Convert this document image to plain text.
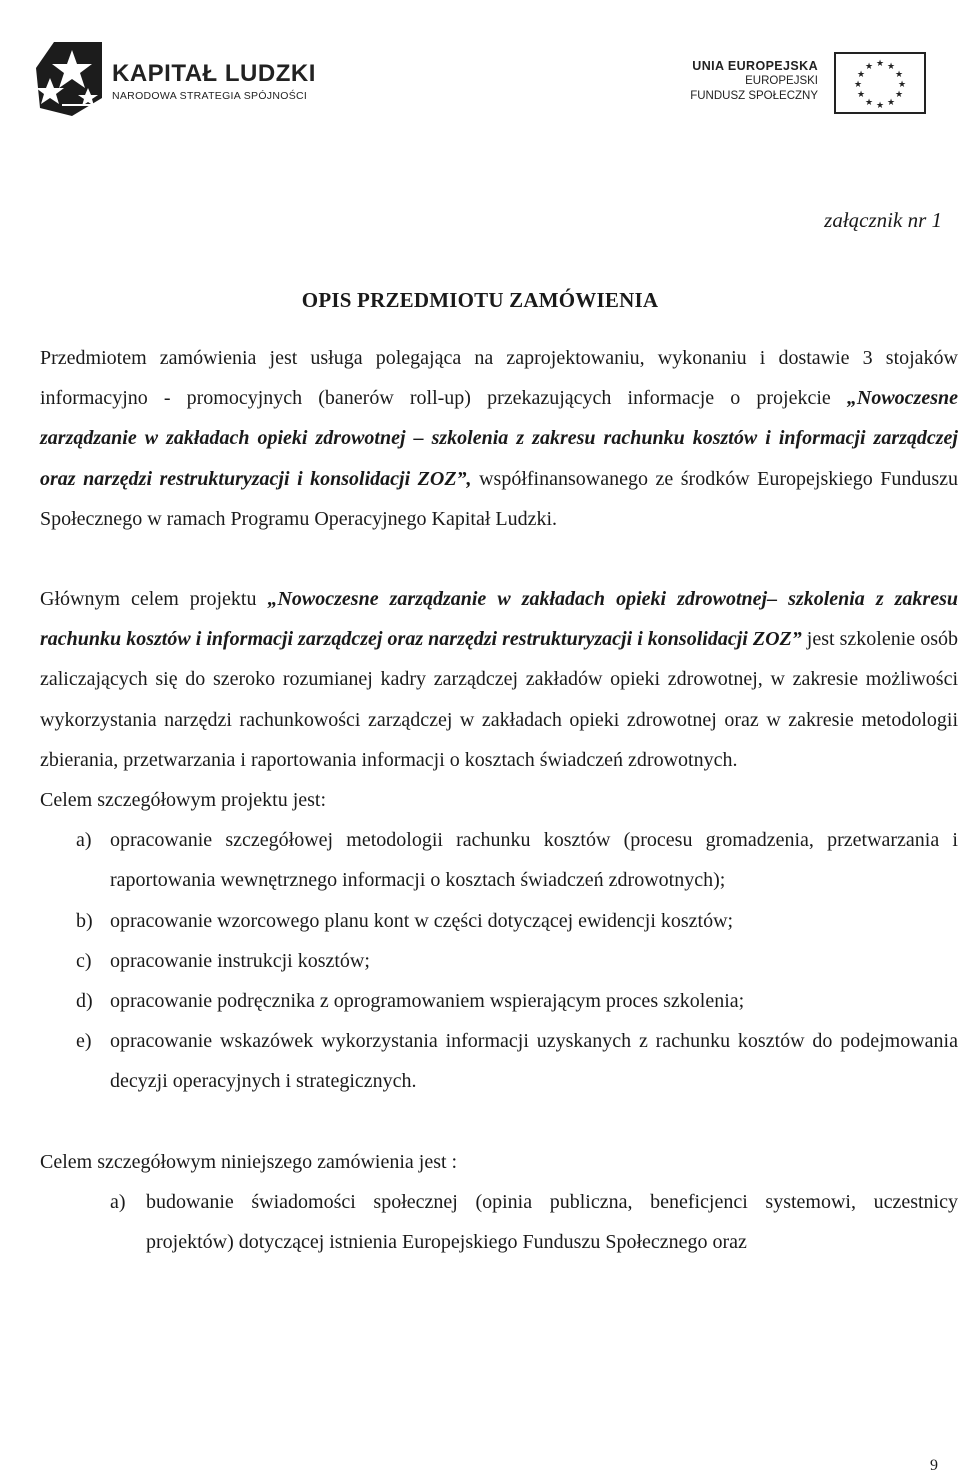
KAPITAŁ LUDZKI
NARODOWA STRATEGIA SPÓJNOŚCI
UNIA EUROPEJSKA
EUROPEJSKI
FUNDUSZ SPOŁECZNY
★ ★
★
★
★
★
★
★
★
★
★
★
załącznik nr 1
OPIS PRZEDMIOTU ZAMÓWIENIA

Przedmiotem zamówienia jest usługa polegająca na zaprojektowaniu, wykonaniu i dostawie 3 stojaków informacyjno - promocyjnych (banerów roll-up) przekazujących informacje o projekcie „Nowoczesne zarządzanie w zakładach opieki zdrowotnej – szkolenia z zakresu rachunku kosztów i informacji zarządczej oraz narzędzi restrukturyzacji i konsolidacji ZOZ”, współfinansowanego ze środków Europejskiego Funduszu Społecznego w ramach Programu Operacyjnego Kapitał Ludzki.

Głównym celem projektu „Nowoczesne zarządzanie w zakładach opieki zdrowotnej– szkolenia z zakresu rachunku kosztów i informacji zarządczej oraz narzędzi restrukturyzacji i konsolidacji ZOZ” jest szkolenie osób zaliczających się do szeroko rozumianej kadry zarządczej zakładów opieki zdrowotnej, w zakresie możliwości wykorzystania narzędzi rachunkowości zarządczej w zakładach opieki zdrowotnej oraz w zakresie metodologii zbierania, przetwarzania i raportowania informacji o kosztach świadczeń zdrowotnych.

Celem szczegółowym projektu jest:

a) opracowanie szczegółowej metodologii rachunku kosztów (procesu gromadzenia, przetwarzania i raportowania wewnętrznego informacji o kosztach świadczeń zdrowotnych);
b) opracowanie wzorcowego planu kont w części dotyczącej ewidencji kosztów;
c) opracowanie instrukcji kosztów;
d) opracowanie podręcznika z oprogramowaniem wspierającym proces szkolenia;
e) opracowanie wskazówek wykorzystania informacji uzyskanych z rachunku kosztów do podejmowania decyzji operacyjnych i strategicznych.

Celem szczegółowym niniejszego zamówienia jest :

a) budowanie świadomości społecznej (opinia publiczna, beneficjenci systemowi, uczestnicy projektów) dotyczącej istnienia Europejskiego Funduszu Społecznego oraz
9
